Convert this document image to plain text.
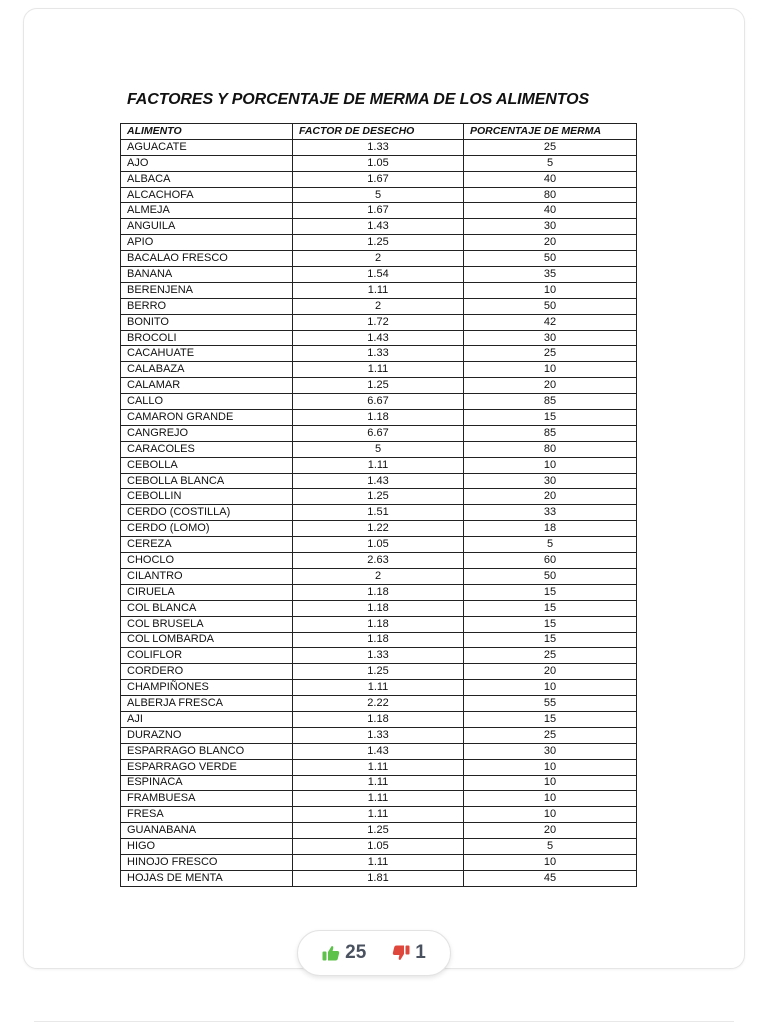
FACTORES Y PORCENTAJE DE MERMA DE LOS ALIMENTOS
ALIMENTO	FACTOR DE DESECHO	PORCENTAJE DE MERMA
AGUACATE	1.33	25
AJO	1.05	5
ALBACA	1.67	40
ALCACHOFA	5	80
ALMEJA	1.67	40
ANGUILA	1.43	30
APIO	1.25	20
BACALAO FRESCO	2	50
BANANA	1.54	35
BERENJENA	1.11	10
BERRO	2	50
BONITO	1.72	42
BROCOLI	1.43	30
CACAHUATE	1.33	25
CALABAZA	1.11	10
CALAMAR	1.25	20
CALLO	6.67	85
CAMARON GRANDE	1.18	15
CANGREJO	6.67	85
CARACOLES	5	80
CEBOLLA	1.11	10
CEBOLLA BLANCA	1.43	30
CEBOLLIN	1.25	20
CERDO (COSTILLA)	1.51	33
CERDO (LOMO)	1.22	18
CEREZA	1.05	5
CHOCLO	2.63	60
CILANTRO	2	50
CIRUELA	1.18	15
COL BLANCA	1.18	15
COL BRUSELA	1.18	15
COL LOMBARDA	1.18	15
COLIFLOR	1.33	25
CORDERO	1.25	20
CHAMPIÑONES	1.11	10
ALBERJA FRESCA	2.22	55
AJI	1.18	15
DURAZNO	1.33	25
ESPARRAGO BLANCO	1.43	30
ESPARRAGO VERDE	1.11	10
ESPINACA	1.11	10
FRAMBUESA	1.11	10
FRESA	1.11	10
GUANABANA	1.25	20
HIGO	1.05	5
HINOJO FRESCO	1.11	10
HOJAS DE MENTA	1.81	45
25	1
